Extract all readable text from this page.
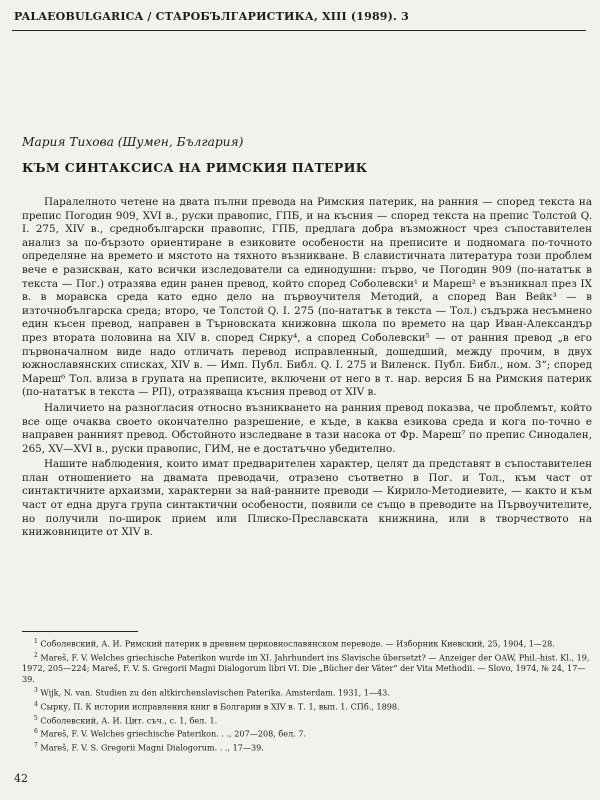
PALAEOBULGARICA / СТАРОБЪЛГАРИСТИКА, XIII (1989). 3
Мария Тихова (Шумен, България)
КЪМ СИНТАКСИСА НА РИМСКИЯ ПАТЕРИК

Паралелното четене на двата пълни превода на Римския патерик, на ранния — според текста на препис Погодин 909, XVI в., руски правопис, ГПБ, и на късния — според текста на препис Толстой Q. I. 275, XIV в., среднобългарски правопис, ГПБ, предлага добра възможност чрез съпоставителен анализ за по-бързото ориентиране в езиковите особености на преписите и подномага по-точното определяне на времето и мястото на тяхното възникване. В славистичната литература този проблем вече е разискван, като всички изследователи са единодушни: първо, че Погодин 909 (по-нататък в текста — Пог.) отразява един ранен превод, който според Соболевски¹ и Мареш² е възникнал през IX в. в моравска среда като едно дело на първоучителя Методий, а според Ван Вейк³ — в източнобългарска среда; второ, че Толстой Q. I. 275 (по-нататък в текста — Тол.) съдържа несъмнено един късен превод, направен в Търновската книжовна школа по времето на цар Иван-Александър през втората половина на XIV в. според Сирку⁴, а според Соболевски⁵ — от ранния превод „в его първоначалном виде надо отличать перевод исправленный, дошедший, между прочим, в двух южнославянских списках, XIV в. — Имп. Публ. Библ. Q. I. 275 и Виленск. Публ. Библ., ном. 3“; според Мареш⁶ Тол. влиза в групата на преписите, включени от него в т. нар. версия Б на Римския патерик (по-нататък в текста — РП), отразяваща късния превод от XIV в.

Наличието на разногласия относно възникването на ранния превод показва, че проблемът, който все още очаква своето окончателно разрешение, е къде, в каква езикова среда и кога по-точно е направен ранният превод. Обстойното изследване в тази насока от Фр. Мареш⁷ по препис Синодален, 265, XV—XVI в., руски правопис, ГИМ, не е достатъчно убедително.

Нашите наблюдения, които имат предварителен характер, целят да представят в съпоставителен план отношението на двамата преводачи, отразено съответно в Пог. и Тол., към част от синтактичните архаизми, характерни за най-ранните преводи — Кирило-Методиевите, — както и към част от една друга група синтактични особености, появили се също в преводите на Първоучителите, но получили по-широк прием или Плиско-Преславската книжнина, или в творчеството на книжовниците от XIV в.

$^1$ Соболевский, А. И. Римский патерик в древнем церковнославянском переводе. — Изборник Киевский, 25, 1904, 1—28.

$^2$ Mareš, F. V. Welches griechische Paterikon wurde im XI. Jahrhundert ins Slavische übersetzt? — Anzeiger der OAW, Phil.-hist. Kl., 19, 1972, 205—224; Mareš, F. V. S. Gregorii Magni Dialogorum libri VI. Die „Bücher der Väter“ der Vita Methodii. — Slovo, 1974, № 24, 17—39.

$^3$ Wijk, N. van. Studien zu den altkirchenslavischen Paterika. Amsterdam. 1931, 1—43.

$^4$ Сырку, П. К истории исправления книг в Болгарии в XIV в. Т. 1, вып. 1. СПб., 1898.

$^5$ Соболевский, А. И. Цит. съч., с. 1, бел. 1.

$^6$ Mareš, F. V. Welches griechische Paterikon. . ., 207—208, бел. 7.

$^7$ Mareš, F. V. S. Gregorii Magni Dialogorum. . ., 17—39.

42
